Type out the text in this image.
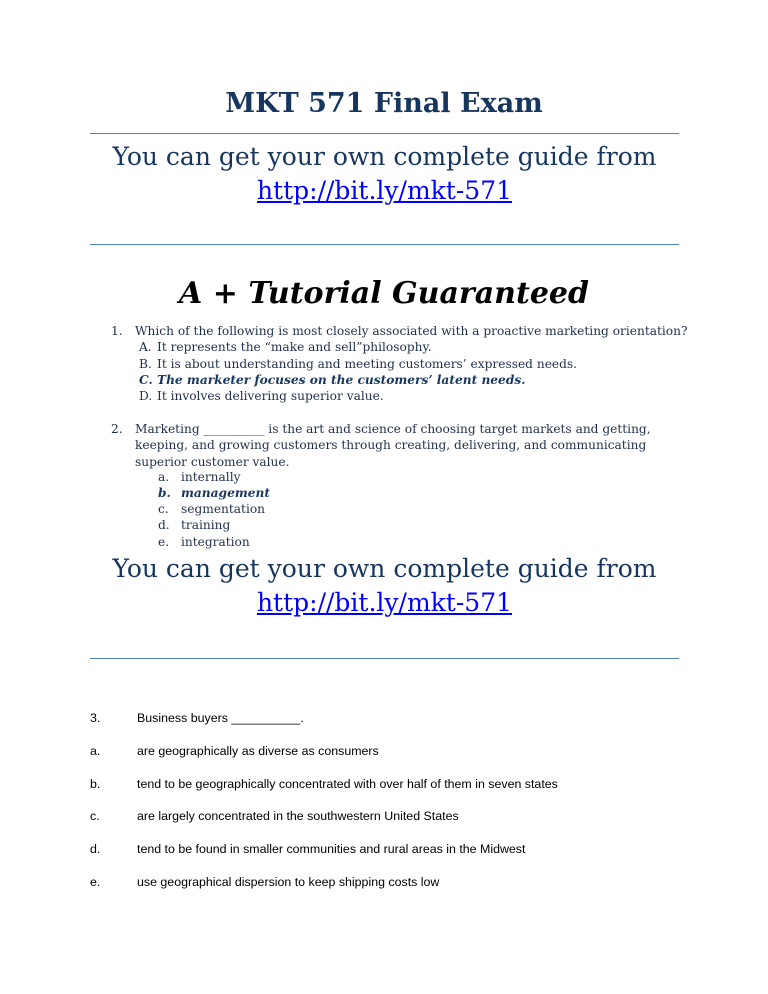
MKT 571 Final Exam
You can get your own complete guide from
http://bit.ly/mkt-571
A + Tutorial Guaranteed
1. Which of the following is most closely associated with a proactive marketing orientation?
A. It represents the “make and sell”philosophy.
B. It is about understanding and meeting customers’ expressed needs.
C. The marketer focuses on the customers’ latent needs.
D. It involves delivering superior value.
2. Marketing __________ is the art and science of choosing target markets and getting, keeping, and growing customers through creating, delivering, and communicating superior customer value.
a. internally
b. management
c. segmentation
d. training
e. integration
You can get your own complete guide from
http://bit.ly/mkt-571
3.	Business buyers __________.
a.	are geographically as diverse as consumers
b.	tend to be geographically concentrated with over half of them in seven states
c.	are largely concentrated in the southwestern United States
d.	tend to be found in smaller communities and rural areas in the Midwest
e.	use geographical dispersion to keep shipping costs low
